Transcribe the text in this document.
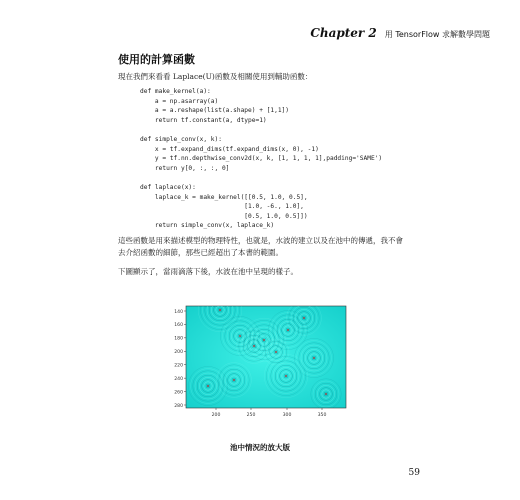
Chapter 2 用 TensorFlow 求解數學問題
使用的計算函數

現在我們來看看 Laplace(U)函數及相關使用到輔助函數：

def make_kernel(a):
a = np.asarray(a)
a = a.reshape(list(a.shape) + [1,1])
return tf.constant(a, dtype=1)
def simple_conv(x, k):
x = tf.expand_dims(tf.expand_dims(x, 0), -1)
y = tf.nn.depthwise_conv2d(x, k, [1, 1, 1, 1],padding='SAME')
return y[0, :, :, 0]
def laplace(x):
laplace_k = make_kernel([[0.5, 1.0, 0.5],
[1.0, -6., 1.0],
[0.5, 1.0, 0.5]])
return simple_conv(x, laplace_k)

這些函數是用來描述模型的物理特性，也就是，水波的建立以及在池中的傳遞，我不會去介紹函數的細節，那些已經超出了本書的範圍。

下圖顯示了，當雨滴落下後，水波在池中呈現的樣子。

140
160
180
200
220
240
260
280
200	250	300	350
池中情況的放大版
59
